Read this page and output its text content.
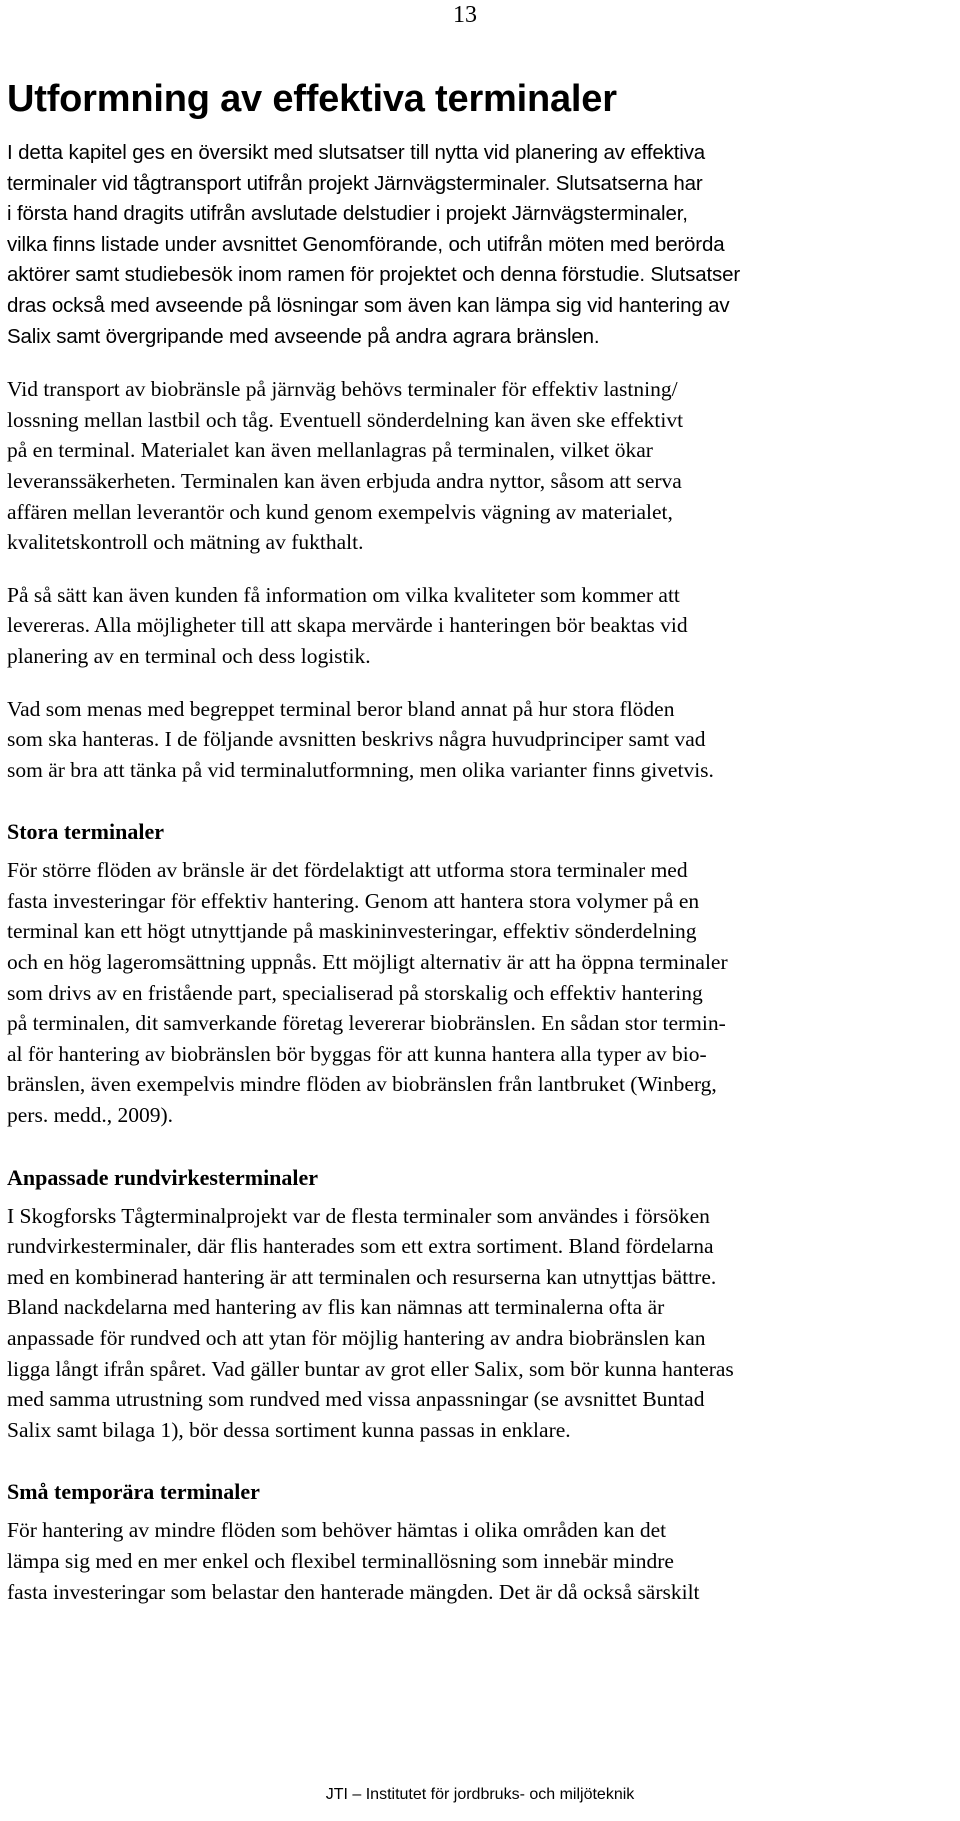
13
Utformning av effektiva terminaler

I detta kapitel ges en översikt med slutsatser till nytta vid planering av effektiva
terminaler vid tågtransport utifrån projekt Järnvägsterminaler. Slutsatserna har
i första hand dragits utifrån avslutade delstudier i projekt Järnvägsterminaler,
vilka finns listade under avsnittet Genomförande, och utifrån möten med berörda
aktörer samt studiebesök inom ramen för projektet och denna förstudie. Slutsatser
dras också med avseende på lösningar som även kan lämpa sig vid hantering av
Salix samt övergripande med avseende på andra agrara bränslen.

Vid transport av biobränsle på järnväg behövs terminaler för effektiv lastning/
lossning mellan lastbil och tåg. Eventuell sönderdelning kan även ske effektivt
på en terminal. Materialet kan även mellanlagras på terminalen, vilket ökar
leveranssäkerheten. Terminalen kan även erbjuda andra nyttor, såsom att serva
affären mellan leverantör och kund genom exempelvis vägning av materialet,
kvalitetskontroll och mätning av fukthalt.

På så sätt kan även kunden få information om vilka kvaliteter som kommer att
levereras. Alla möjligheter till att skapa mervärde i hanteringen bör beaktas vid
planering av en terminal och dess logistik.

Vad som menas med begreppet terminal beror bland annat på hur stora flöden
som ska hanteras. I de följande avsnitten beskrivs några huvudprinciper samt vad
som är bra att tänka på vid terminalutformning, men olika varianter finns givetvis.

Stora terminaler

För större flöden av bränsle är det fördelaktigt att utforma stora terminaler med
fasta investeringar för effektiv hantering. Genom att hantera stora volymer på en
terminal kan ett högt utnyttjande på maskininvesteringar, effektiv sönderdelning
och en hög lageromsättning uppnås. Ett möjligt alternativ är att ha öppna terminaler
som drivs av en fristående part, specialiserad på storskalig och effektiv hantering
på terminalen, dit samverkande företag levererar biobränslen. En sådan stor termin-
al för hantering av biobränslen bör byggas för att kunna hantera alla typer av bio-
bränslen, även exempelvis mindre flöden av biobränslen från lantbruket (Winberg,
pers. medd., 2009).

Anpassade rundvirkesterminaler

I Skogforsks Tågterminalprojekt var de flesta terminaler som användes i försöken
rundvirkesterminaler, där flis hanterades som ett extra sortiment. Bland fördelarna
med en kombinerad hantering är att terminalen och resurserna kan utnyttjas bättre.
Bland nackdelarna med hantering av flis kan nämnas att terminalerna ofta är
anpassade för rundved och att ytan för möjlig hantering av andra biobränslen kan
ligga långt ifrån spåret. Vad gäller buntar av grot eller Salix, som bör kunna hanteras
med samma utrustning som rundved med vissa anpassningar (se avsnittet Buntad
Salix samt bilaga 1), bör dessa sortiment kunna passas in enklare.

Små temporära terminaler

För hantering av mindre flöden som behöver hämtas i olika områden kan det
lämpa sig med en mer enkel och flexibel terminallösning som innebär mindre
fasta investeringar som belastar den hanterade mängden. Det är då också särskilt

JTI – Institutet för jordbruks- och miljöteknik
